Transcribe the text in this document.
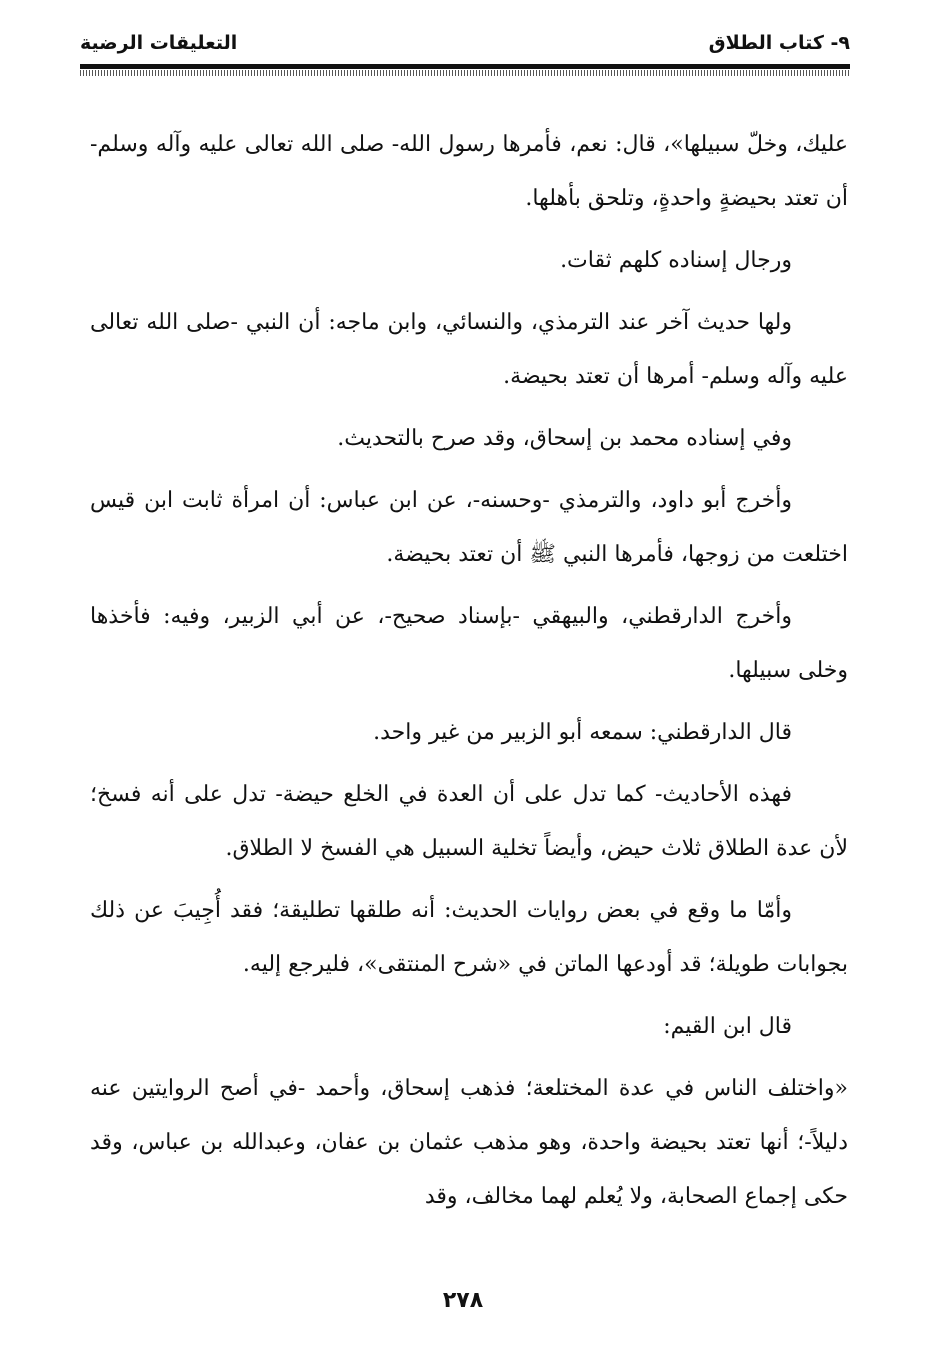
٩- كتاب الطلاق
التعليقات الرضية

عليك، وخلّ سبيلها»، قال: نعم، فأمرها رسول الله- صلى الله تعالى عليه وآله وسلم- أن تعتد بحيضةٍ واحدةٍ، وتلحق بأهلها.

ورجال إسناده كلهم ثقات.

ولها حديث آخر عند الترمذي، والنسائي، وابن ماجه: أن النبي -صلى الله تعالى عليه وآله وسلم- أمرها أن تعتد بحيضة.

وفي إسناده محمد بن إسحاق، وقد صرح بالتحديث.

وأخرج أبو داود، والترمذي -وحسنه-، عن ابن عباس: أن امرأة ثابت ابن قيس اختلعت من زوجها، فأمرها النبي ﷺ أن تعتد بحيضة.

وأخرج الدارقطني، والبيهقي -بإسناد صحيح-، عن أبي الزبير، وفيه: فأخذها وخلى سبيلها.

قال الدارقطني: سمعه أبو الزبير من غير واحد.

فهذه الأحاديث- كما تدل على أن العدة في الخلع حيضة- تدل على أنه فسخ؛ لأن عدة الطلاق ثلاث حيض، وأيضاً تخلية السبيل هي الفسخ لا الطلاق.

وأمّا ما وقع في بعض روايات الحديث: أنه طلقها تطليقة؛ فقد أُجِيبَ عن ذلك بجوابات طويلة؛ قد أودعها الماتن في «شرح المنتقى»، فليرجع إليه.

قال ابن القيم:

«واختلف الناس في عدة المختلعة؛ فذهب إسحاق، وأحمد -في أصح الروايتين عنه دليلاً-؛ أنها تعتد بحيضة واحدة، وهو مذهب عثمان بن عفان، وعبدالله بن عباس، وقد حكى إجماع الصحابة، ولا يُعلم لهما مخالف، وقد

٢٧٨
